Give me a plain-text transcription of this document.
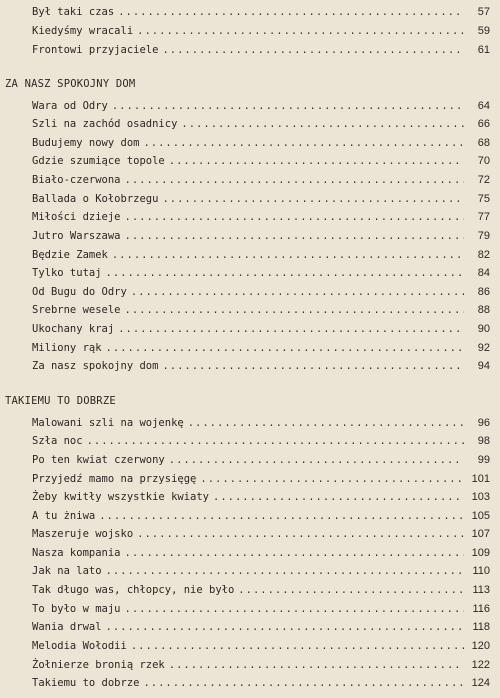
Był taki czas .....	57
Kiedyśmy wracali .....	59
Frontowi przyjaciele .....	61
ZA NASZ SPOKOJNY DOM
Wara od Odry .....	64
Szli na zachód osadnicy .....	66
Budujemy nowy dom .....	68
Gdzie szumiące topole .....	70
Biało-czerwona .....	72
Ballada o Kołobrzegu .....	75
Miłości dzieje .....	77
Jutro Warszawa .....	79
Będzie Zamek .....	82
Tylko tutaj .....	84
Od Bugu do Odry .....	86
Srebrne wesele .....	88
Ukochany kraj .....	90
Miliony rąk .....	92
Za nasz spokojny dom .....	94
TAKIEMU TO DOBRZE
Malowani szli na wojenkę .....	96
Szła noc .....	98
Po ten kwiat czerwony .....	99
Przyjedź mamo na przysięgę .....	101
Żeby kwitły wszystkie kwiaty .....	103
A tu żniwa .....	105
Maszeruje wojsko .....	107
Nasza kompania .....	109
Jak na lato .....	110
Tak długo was, chłopcy, nie było .....	113
To było w maju .....	116
Wania drwal .....	118
Melodia Wołodii .....	120
Żołnierze bronią rzek .....	122
Takiemu to dobrze .....	124
